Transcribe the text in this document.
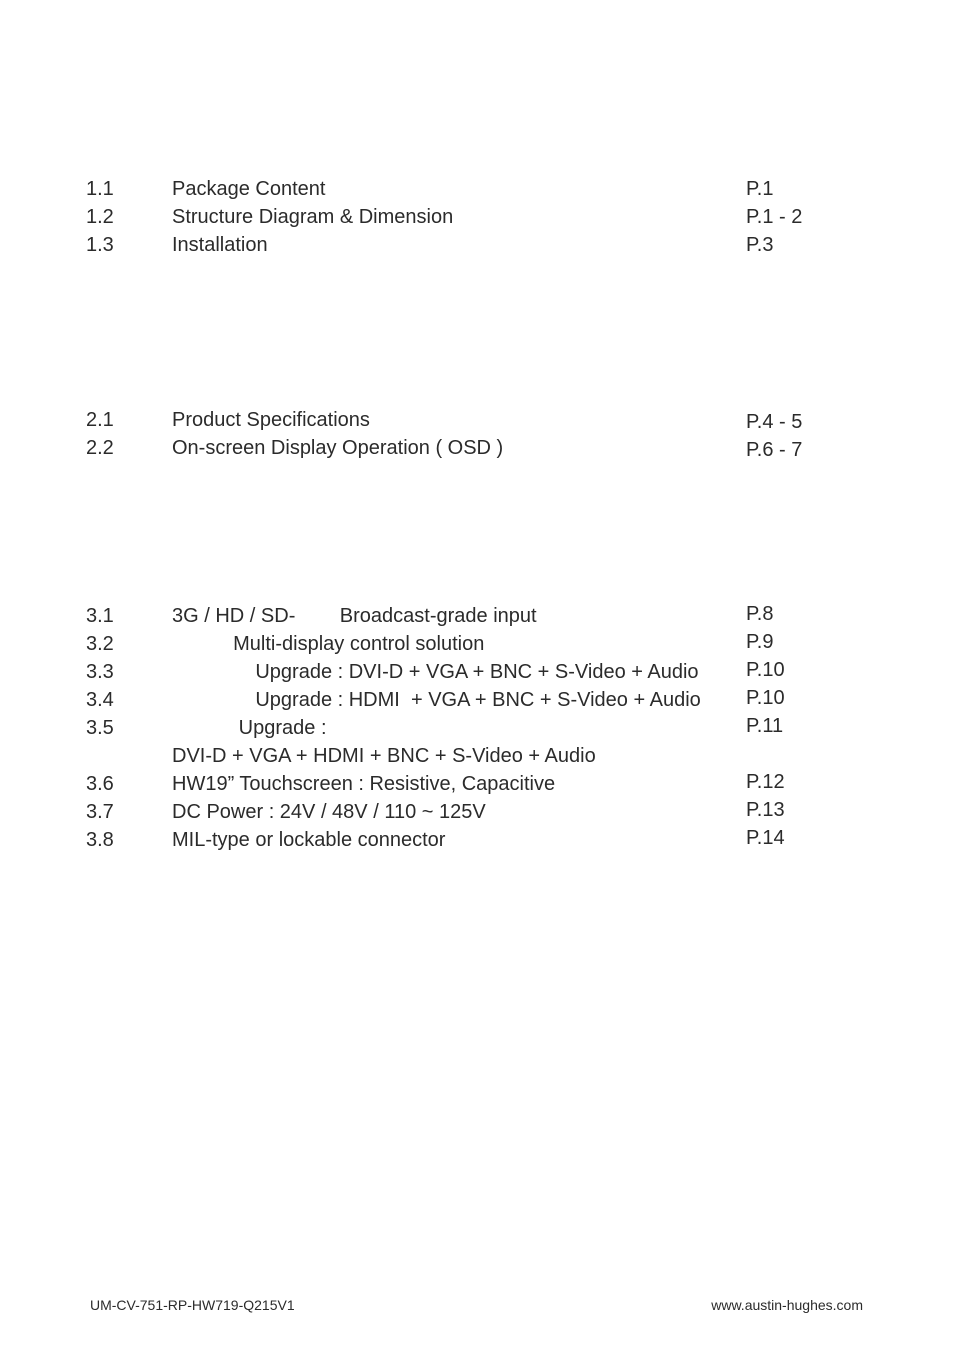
1.1	Package Content	P.1
1.2	Structure Diagram & Dimension	P.1 - 2
1.3	Installation	P.3
2.1	Product Specifications	P.4 - 5
2.2	On-screen Display Operation ( OSD )	P.6 - 7
3.1	3G / HD / SD-        Broadcast-grade input	P.8
3.2	Multi-display control solution	P.9
3.3	Upgrade : DVI-D + VGA + BNC + S-Video + Audio P.10
3.4	Upgrade : HDMI  + VGA + BNC + S-Video + Audio P.10
3.5	Upgrade :	P.11
DVI-D + VGA + HDMI + BNC + S-Video + Audio
3.6	HW19” Touchscreen : Resistive, Capacitive	P.12
3.7	DC Power : 24V / 48V / 110 ~ 125V	P.13
3.8	MIL-type or lockable connector	P.14
UM-CV-751-RP-HW719-Q215V1	www.austin-hughes.com
